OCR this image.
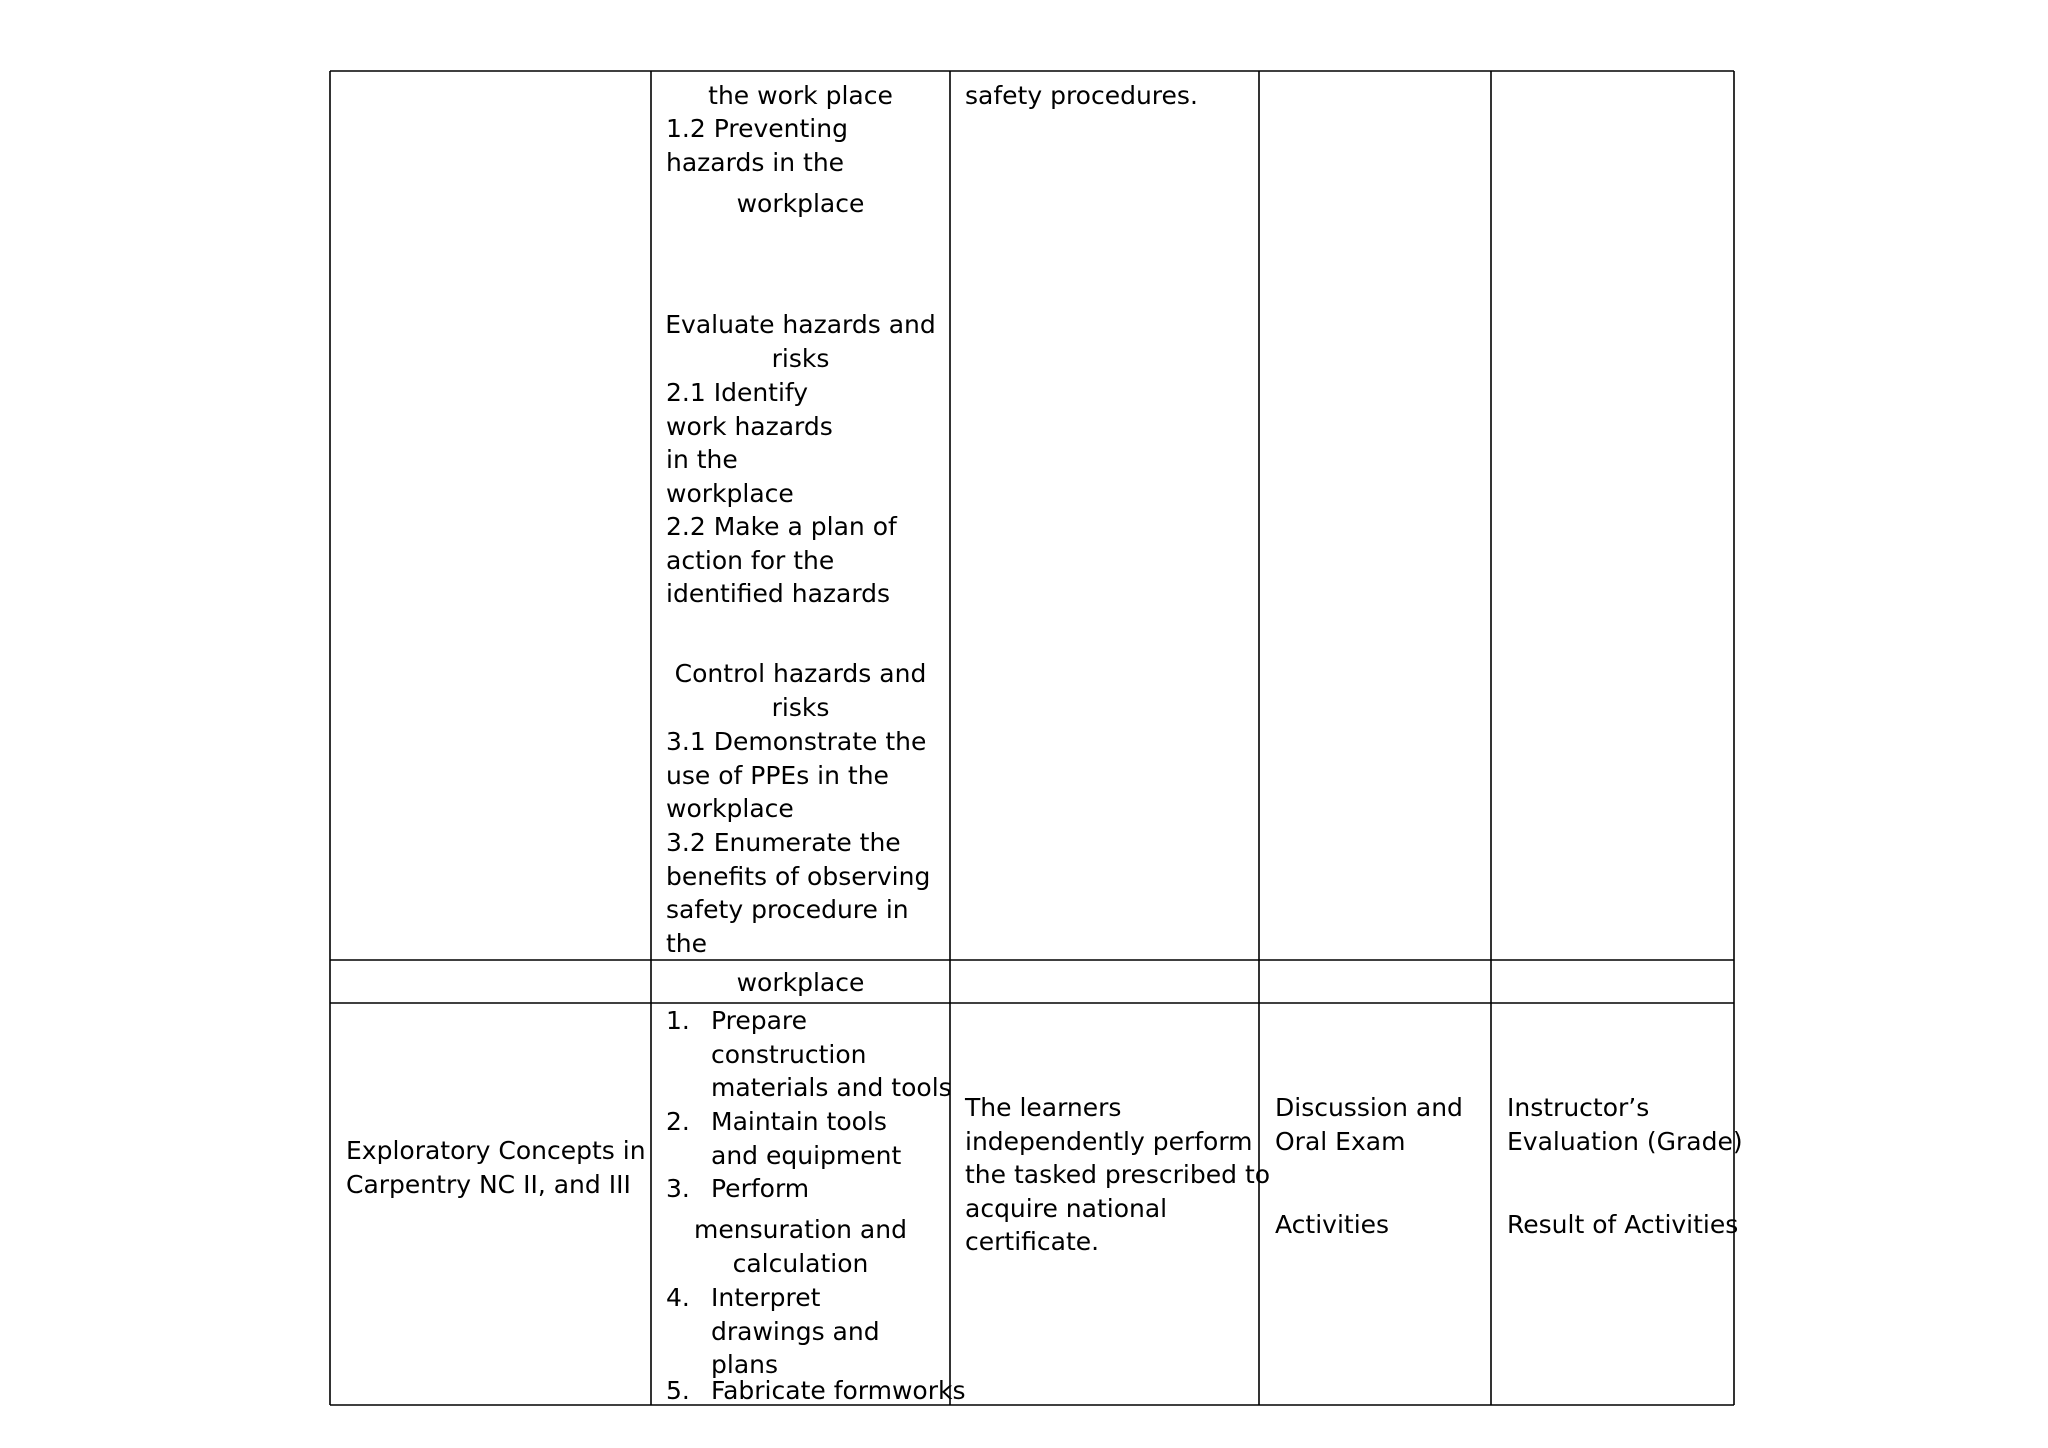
the work place
1.2 Preventing
hazards in the
workplace
Evaluate hazards and
risks
2.1 Identify
work hazards
in the
workplace
2.2 Make a plan of
action for the
identified hazards
Control hazards and
risks
3.1 Demonstrate the
use of PPEs in the
workplace
3.2 Enumerate the
benefits of observing
safety procedure in
the
safety procedures.
workplace
Exploratory Concepts in
Carpentry NC II, and III
1. Prepare
construction
materials and tools
2. Maintain tools
and equipment
3. Perform
mensuration and
calculation
4. Interpret
drawings and
plans
5. Fabricate formworks
The learners
independently perform
the tasked prescribed to
acquire national
certificate.
Discussion and
Oral Exam
Activities
Instructor’s
Evaluation (Grade)
Result of Activities
